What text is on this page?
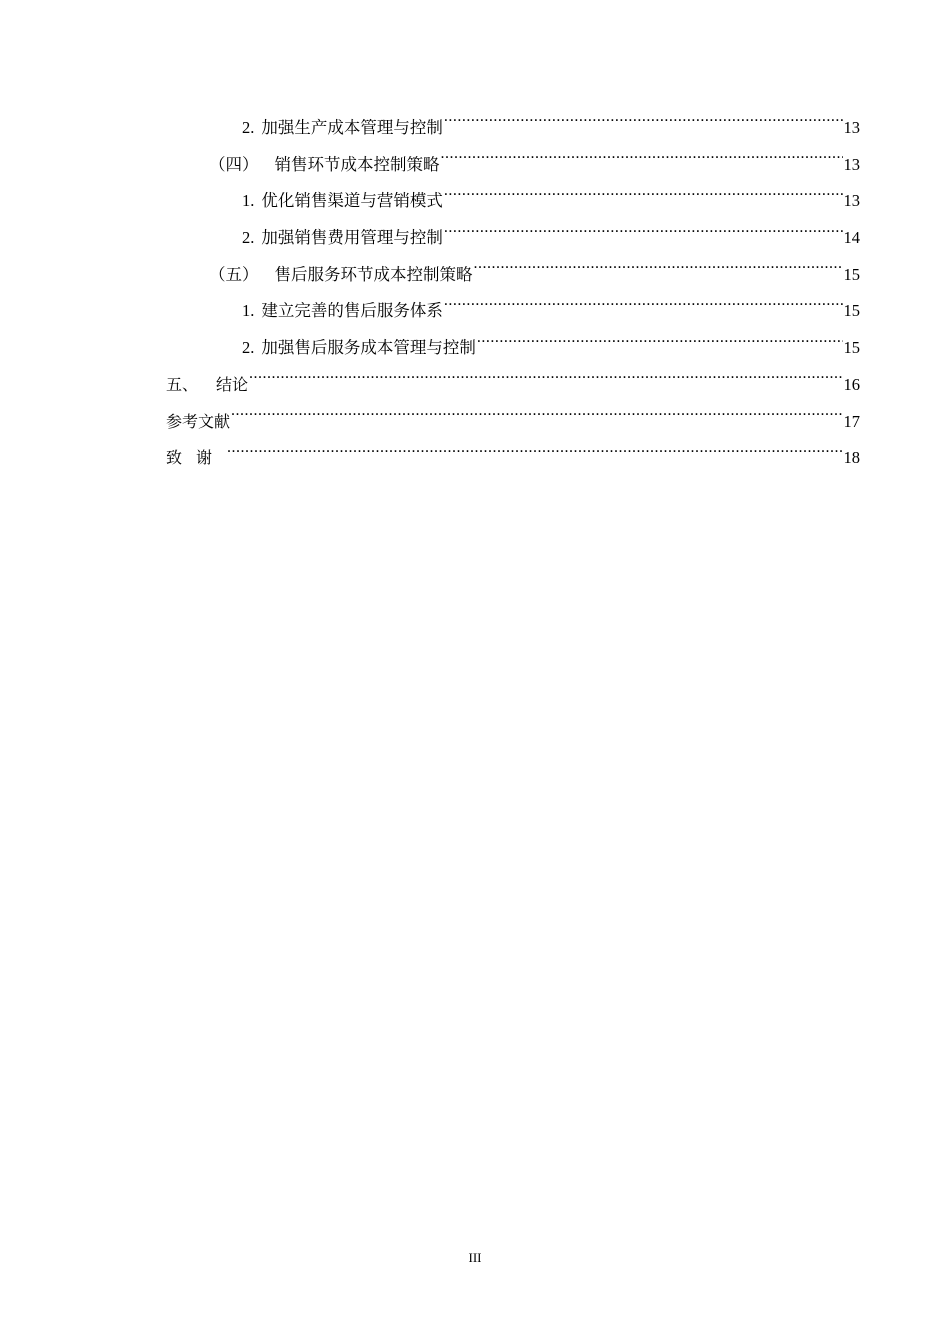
2. 加强生产成本管理与控制 .....	13
（四） 销售环节成本控制策略 .....	13
1. 优化销售渠道与营销模式 .....	13
2. 加强销售费用管理与控制 .....	14
（五） 售后服务环节成本控制策略 .....	15
1. 建立完善的售后服务体系 .....	15
2. 加强售后服务成本管理与控制 .....	15
五、 结论 .....	16
参考文献 .....	17
致谢 .....	18
III
